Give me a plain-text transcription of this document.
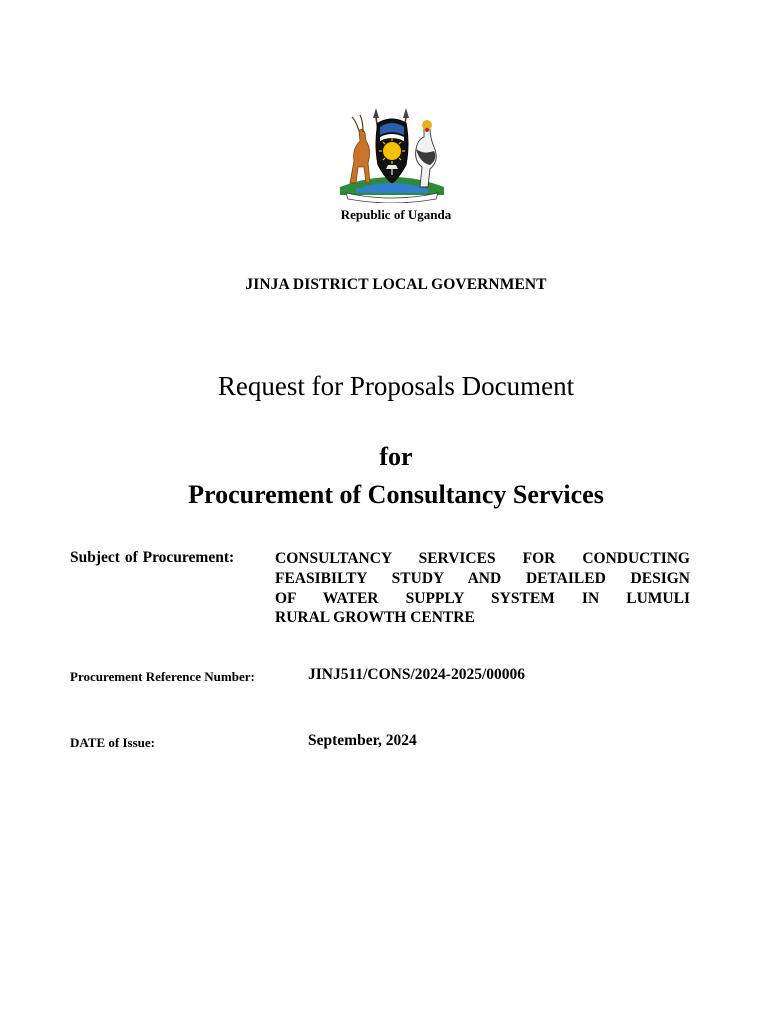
Republic of Uganda
JINJA DISTRICT LOCAL GOVERNMENT
Request for Proposals Document
for
Procurement of Consultancy Services
Subject of Procurement:	CONSULTANCY SERVICES FOR CONDUCTING
FEASIBILTY STUDY AND DETAILED DESIGN
OF WATER SUPPLY SYSTEM IN LUMULI
RURAL GROWTH CENTRE
Procurement Reference Number:	JINJ511/CONS/2024-2025/00006
DATE of Issue:	September, 2024
